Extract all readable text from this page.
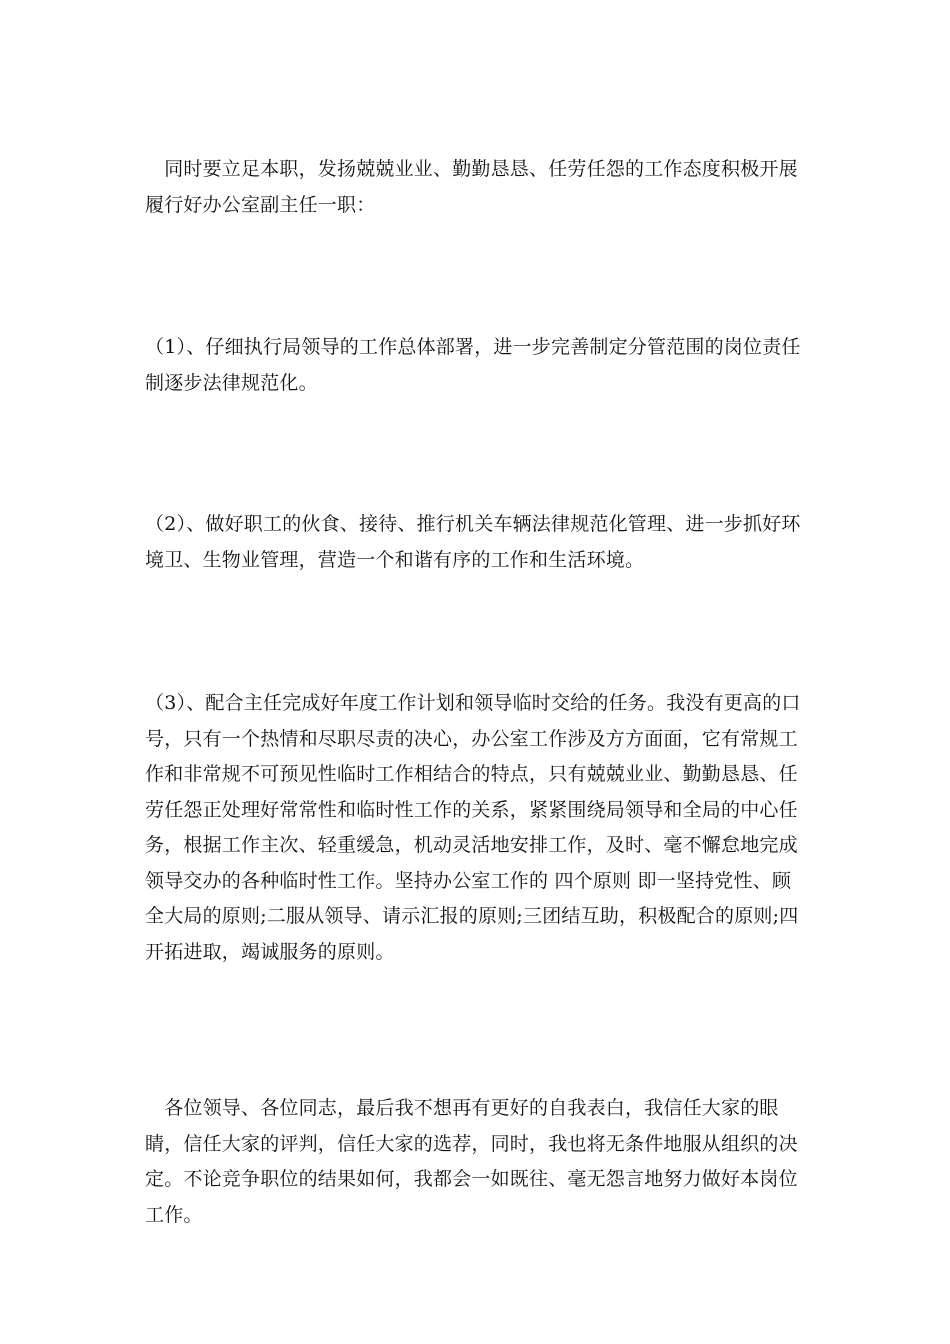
　同时要立足本职，发扬兢兢业业、勤勤恳恳、任劳任怨的工作态度积极开展履行好办公室副主任一职：

（1）、仔细执行局领导的工作总体部署，进一步完善制定分管范围的岗位责任制逐步法律规范化。

（2）、做好职工的伙食、接待、推行机关车辆法律规范化管理、进一步抓好环境卫、生物业管理，营造一个和谐有序的工作和生活环境。

（3）、配合主任完成好年度工作计划和领导临时交给的任务。我没有更高的口号，只有一个热情和尽职尽责的决心，办公室工作涉及方方面面，它有常规工作和非常规不可预见性临时工作相结合的特点，只有兢兢业业、勤勤恳恳、任劳任怨正处理好常常性和临时性工作的关系，紧紧围绕局领导和全局的中心任务，根据工作主次、轻重缓急，机动灵活地安排工作，及时、毫不懈怠地完成领导交办的各种临时性工作。坚持办公室工作的 四个原则 即一坚持党性、顾全大局的原则;二服从领导、请示汇报的原则;三团结互助，积极配合的原则;四开拓进取，竭诚服务的原则。

　各位领导、各位同志，最后我不想再有更好的自我表白，我信任大家的眼睛，信任大家的评判，信任大家的选荐，同时，我也将无条件地服从组织的决定。不论竞争职位的结果如何，我都会一如既往、毫无怨言地努力做好本岗位工作。
